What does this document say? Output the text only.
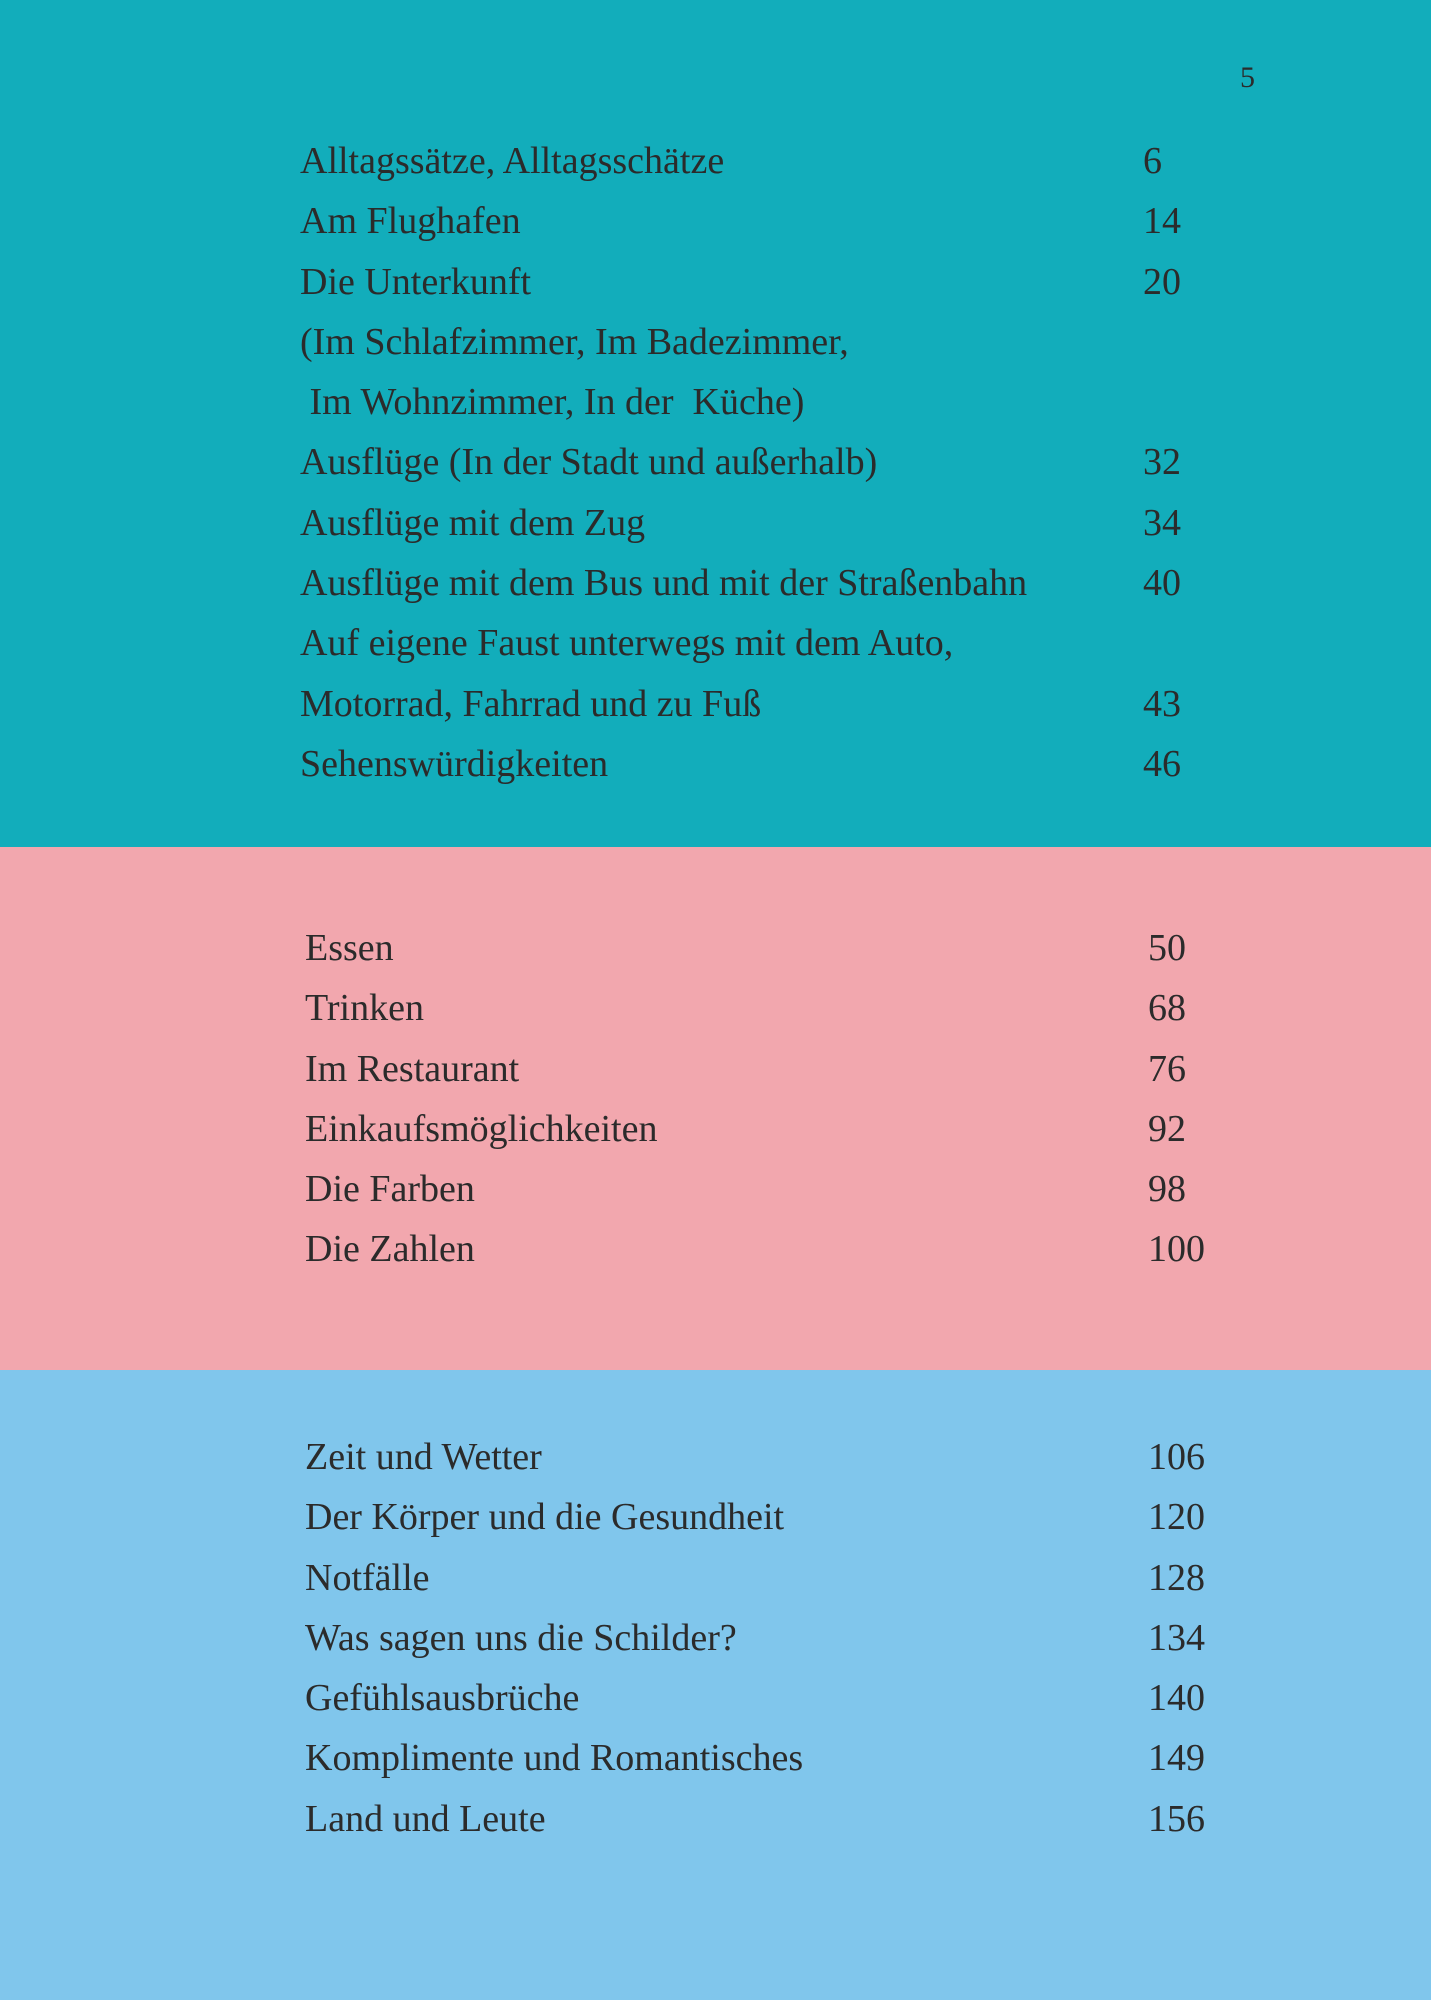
5
Alltagssätze, Alltagsschätze	6
Am Flughafen	14
Die Unterkunft	20
(Im Schlafzimmer, Im Badezimmer,
Im Wohnzimmer, In der  Küche)
Ausflüge (In der Stadt und außerhalb)	32
Ausflüge mit dem Zug	34
Ausflüge mit dem Bus und mit der Straßenbahn	40
Auf eigene Faust unterwegs mit dem Auto,
Motorrad, Fahrrad und zu Fuß	43
Sehenswürdigkeiten	46
Essen	50
Trinken	68
Im Restaurant	76
Einkaufsmöglichkeiten	92
Die Farben	98
Die Zahlen	100
Zeit und Wetter	106
Der Körper und die Gesundheit	120
Notfälle	128
Was sagen uns die Schilder?	134
Gefühlsausbrüche	140
Komplimente und Romantisches	149
Land und Leute	156
